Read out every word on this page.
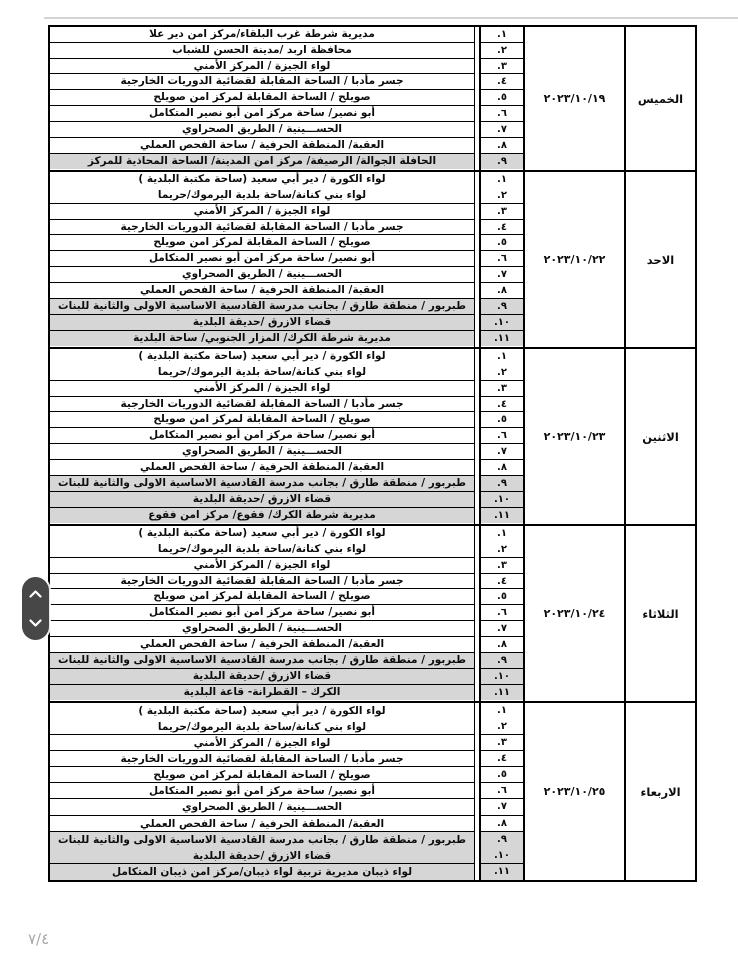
الخميس
٢٠٢٣/١٠/١٩
.١
.٢
.٣
.٤
.٥
.٦
.٧
.٨
.٩
مديرية شرطة غرب البلقاء/مركز امن دير علا
محافظة اربد /مدينة الحسن للشباب
لواء الجيزة / المركز الأمني
جسر مأدبا / الساحة المقابلة لقضائية الدوريات الخارجية
صويلح / الساحة المقابلة لمركز امن صويلح
أبو نصير/ ساحة مركز امن أبو نصير المتكامل
الحســـينية / الطريق الصحراوي
العقبة/ المنطقة الحرفية / ساحة الفحص العملي
الحافلة الجوالة/ الرصيفة/ مركز امن المدينة/ الساحة المحاذية للمركز
الاحد
٢٠٢٣/١٠/٢٢
.١
.٢
.٣
.٤
.٥
.٦
.٧
.٨
.٩
.١٠
.١١
لواء الكورة / دير أبي سعيد (ساحة مكتبة البلدية )
لواء بني كنانة/ساحة بلدية اليرموك/حريما
لواء الجيزة / المركز الأمني
جسر مأدبا / الساحة المقابلة لقضائية الدوريات الخارجية
صويلح / الساحة المقابلة لمركز امن صويلح
أبو نصير/ ساحة مركز امن أبو نصير المتكامل
الحســـينية / الطريق الصحراوي
العقبة/ المنطقة الحرفية / ساحة الفحص العملي
طبربور / منطقة طارق / بجانب مدرسة القادسية الاساسية الاولى والثانية للبنات
قضاء الازرق /حديقة البلدية
مديرية شرطة الكرك/ المزار الجنوبي/ ساحة البلدية
الاثنين
٢٠٢٣/١٠/٢٣
.١
.٢
.٣
.٤
.٥
.٦
.٧
.٨
.٩
.١٠
.١١
لواء الكورة / دير أبي سعيد (ساحة مكتبة البلدية )
لواء بني كنانة/ساحة بلدية اليرموك/حريما
لواء الجيزة / المركز الأمني
جسر مأدبا / الساحة المقابلة لقضائية الدوريات الخارجية
صويلح / الساحة المقابلة لمركز امن صويلح
أبو نصير/ ساحة مركز امن أبو نصير المتكامل
الحســـينية / الطريق الصحراوي
العقبة/ المنطقة الحرفية / ساحة الفحص العملي
طبربور / منطقة طارق / بجانب مدرسة القادسية الاساسية الاولى والثانية للبنات
قضاء الازرق /حديقة البلدية
مديرية شرطة الكرك/ فقوع/ مركز امن فقوع
الثلاثاء
٢٠٢٣/١٠/٢٤
.١
.٢
.٣
.٤
.٥
.٦
.٧
.٨
.٩
.١٠
.١١
لواء الكورة / دير أبي سعيد (ساحة مكتبة البلدية )
لواء بني كنانة/ساحة بلدية اليرموك/حريما
لواء الجيزة / المركز الأمني
جسر مأدبا / الساحة المقابلة لقضائية الدوريات الخارجية
صويلح / الساحة المقابلة لمركز امن صويلح
أبو نصير/ ساحة مركز امن أبو نصير المتكامل
الحســـينية / الطريق الصحراوي
العقبة/ المنطقة الحرفية / ساحة الفحص العملي
طبربور / منطقة طارق / بجانب مدرسة القادسية الاساسية الاولى والثانية للبنات
قضاء الازرق /حديقة البلدية
الكرك – القطرانة- قاعة البلدية
الاربعاء
٢٠٢٣/١٠/٢٥
.١
.٢
.٣
.٤
.٥
.٦
.٧
.٨
.٩
.١٠
.١١
لواء الكورة / دير أبي سعيد (ساحة مكتبة البلدية )
لواء بني كنانة/ساحة بلدية اليرموك/حريما
لواء الجيزة / المركز الأمني
جسر مأدبا / الساحة المقابلة لقضائية الدوريات الخارجية
صويلح / الساحة المقابلة لمركز امن صويلح
أبو نصير/ ساحة مركز امن أبو نصير المتكامل
الحســـينية / الطريق الصحراوي
العقبة/ المنطقة الحرفية / ساحة الفحص العملي
طبربور / منطقة طارق / بجانب مدرسة القادسية الاساسية الاولى والثانية للبنات
قضاء الازرق /حديقة البلدية
لواء ذيبان مديرية تربية لواء ذيبان/مركز امن ذيبان المتكامل
٧/٤
